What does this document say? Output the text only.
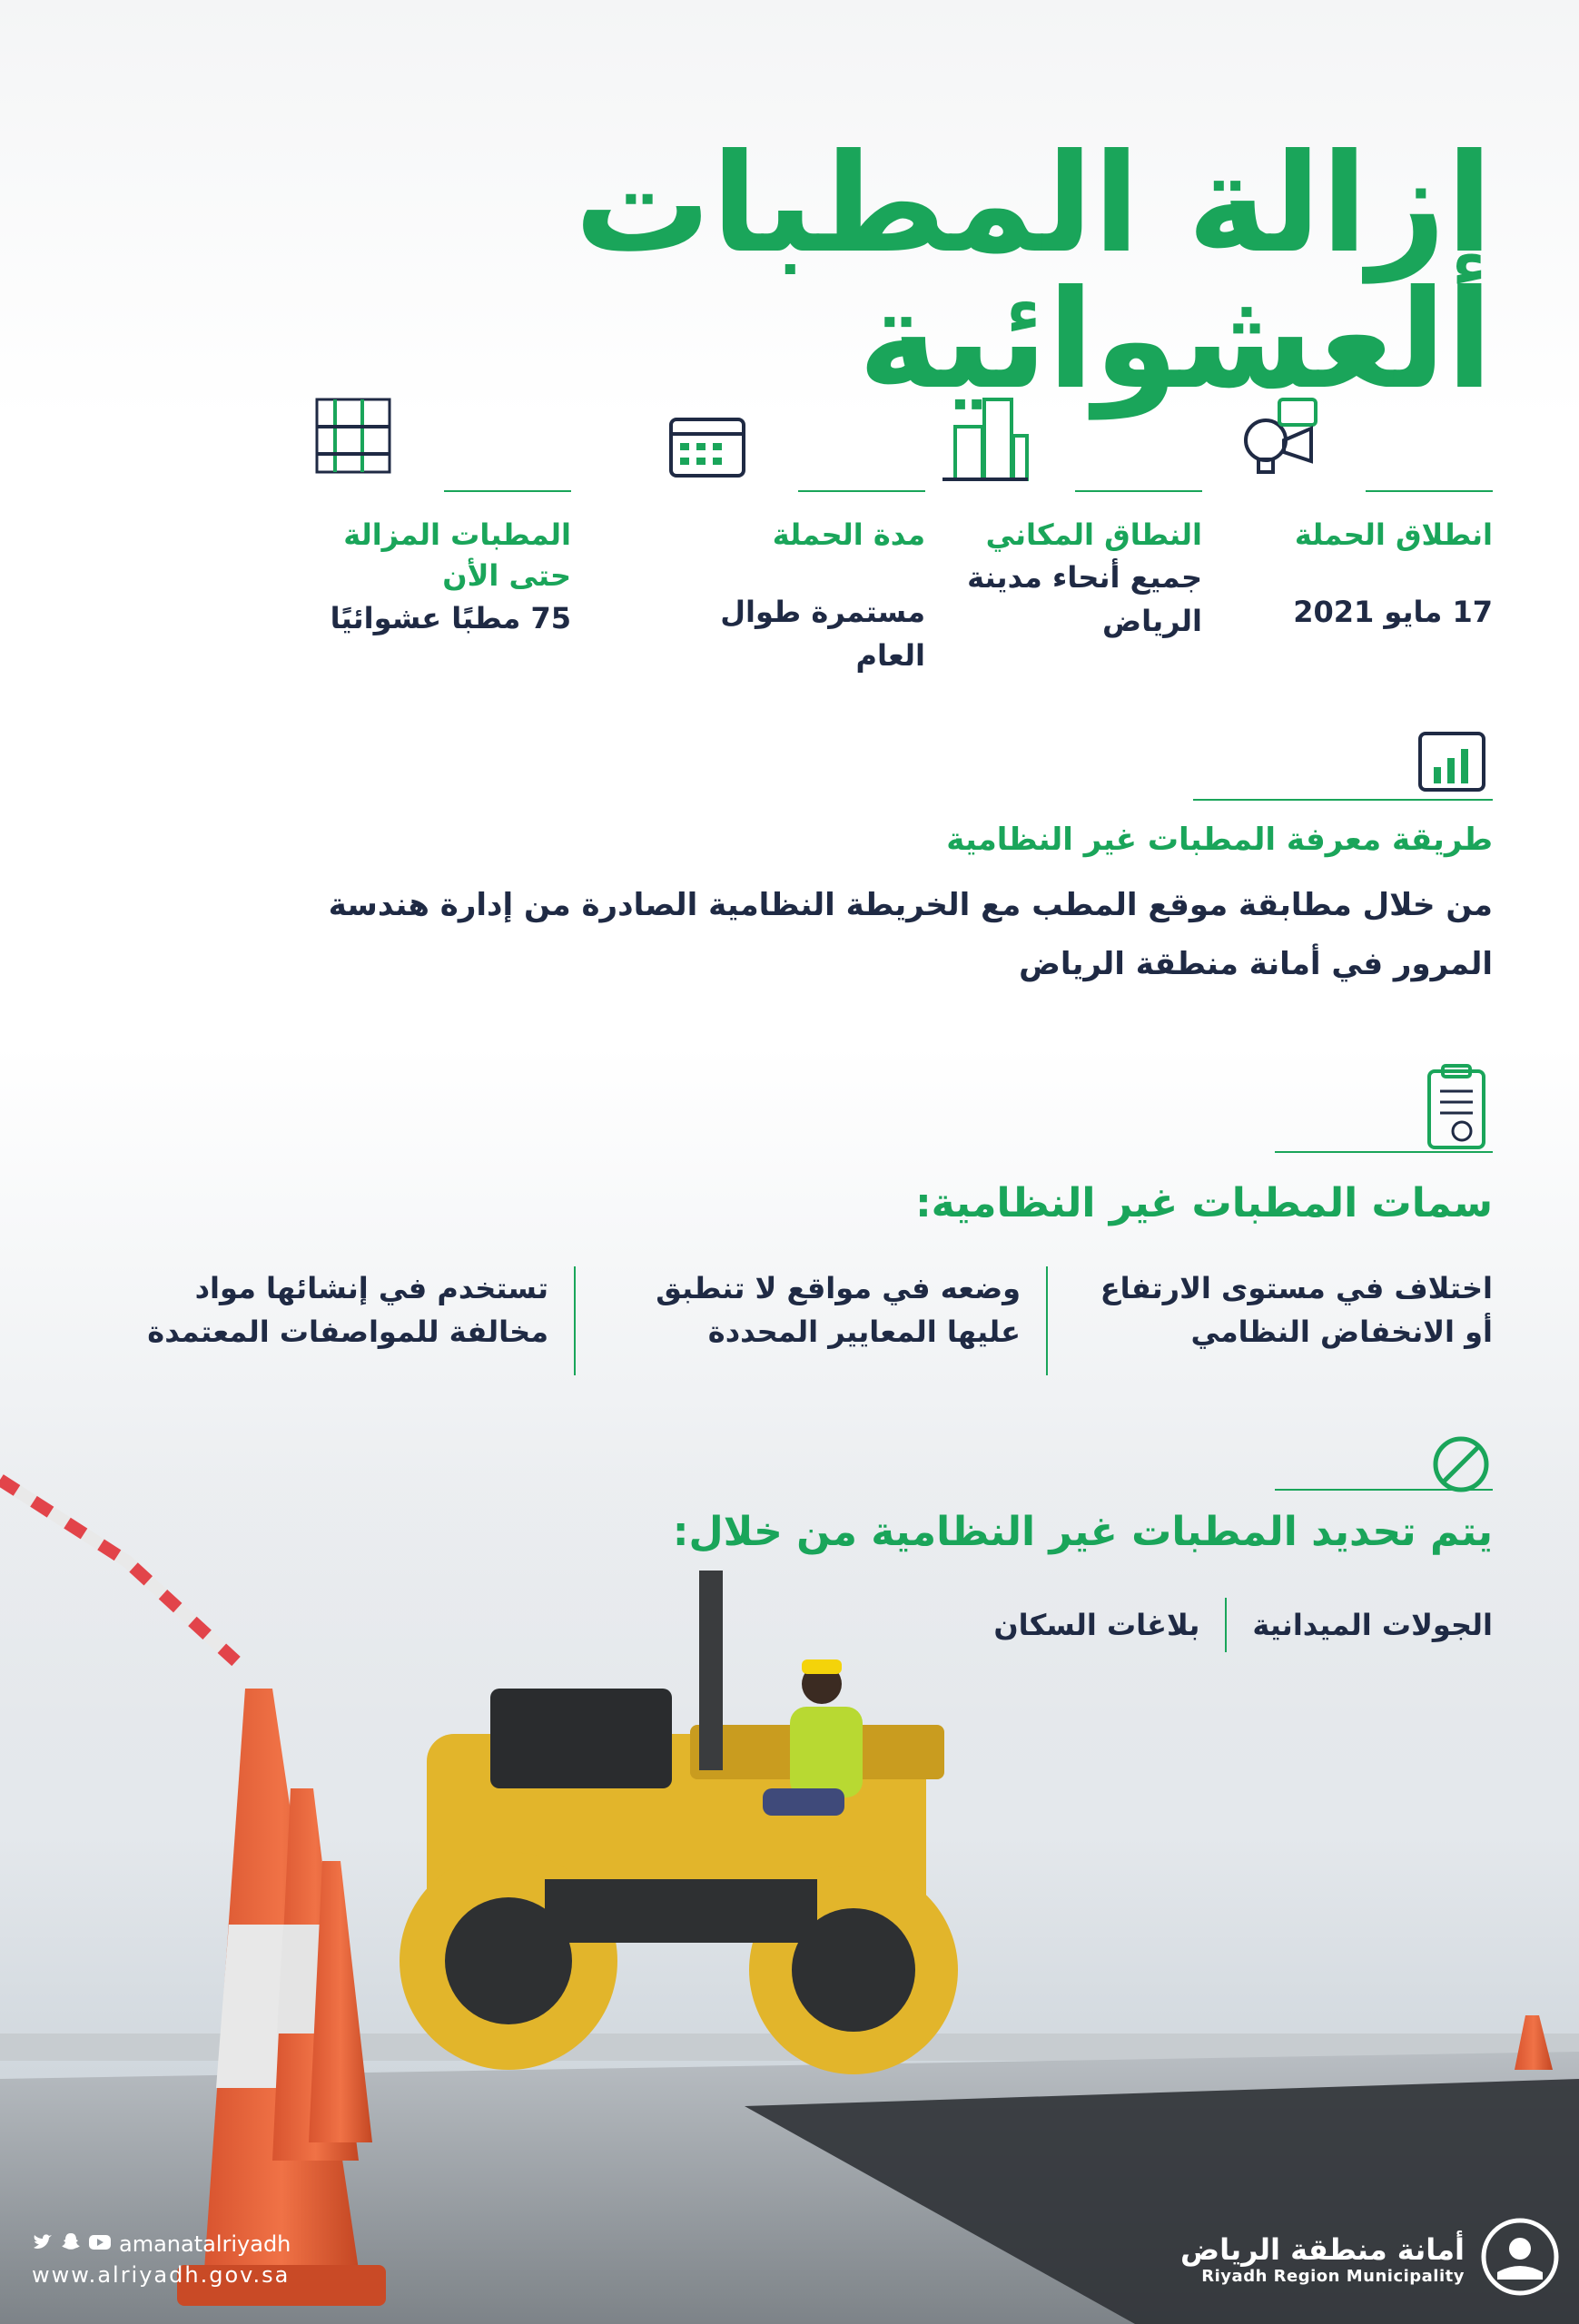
إزالة المطبات العشوائية
انطلاق الحملة
17 مايو 2021
النطاق المكاني
جميع أنحاء مدينة الرياض
مدة الحملة
مستمرة طوال العام
المطبات المزالة حتى الأن
75 مطبًا عشوائيًا
طريقة معرفة المطبات غير النظامية
من خلال مطابقة موقع المطب مع الخريطة النظامية الصادرة من إدارة هندسة المرور في أمانة منطقة الرياض
سمات المطبات غير النظامية:
اختلاف في مستوى الارتفاع أو الانخفاض النظامي
وضعه في مواقع لا تنطبق عليها المعايير المحددة
تستخدم في إنشائها مواد مخالفة للمواصفات المعتمدة
يتم تحديد المطبات غير النظامية من خلال:
الجولات الميدانية
بلاغات السكان
amanatalriyadh
www.alriyadh.gov.sa
أمانة منطقة الرياض
Riyadh Region Municipality
